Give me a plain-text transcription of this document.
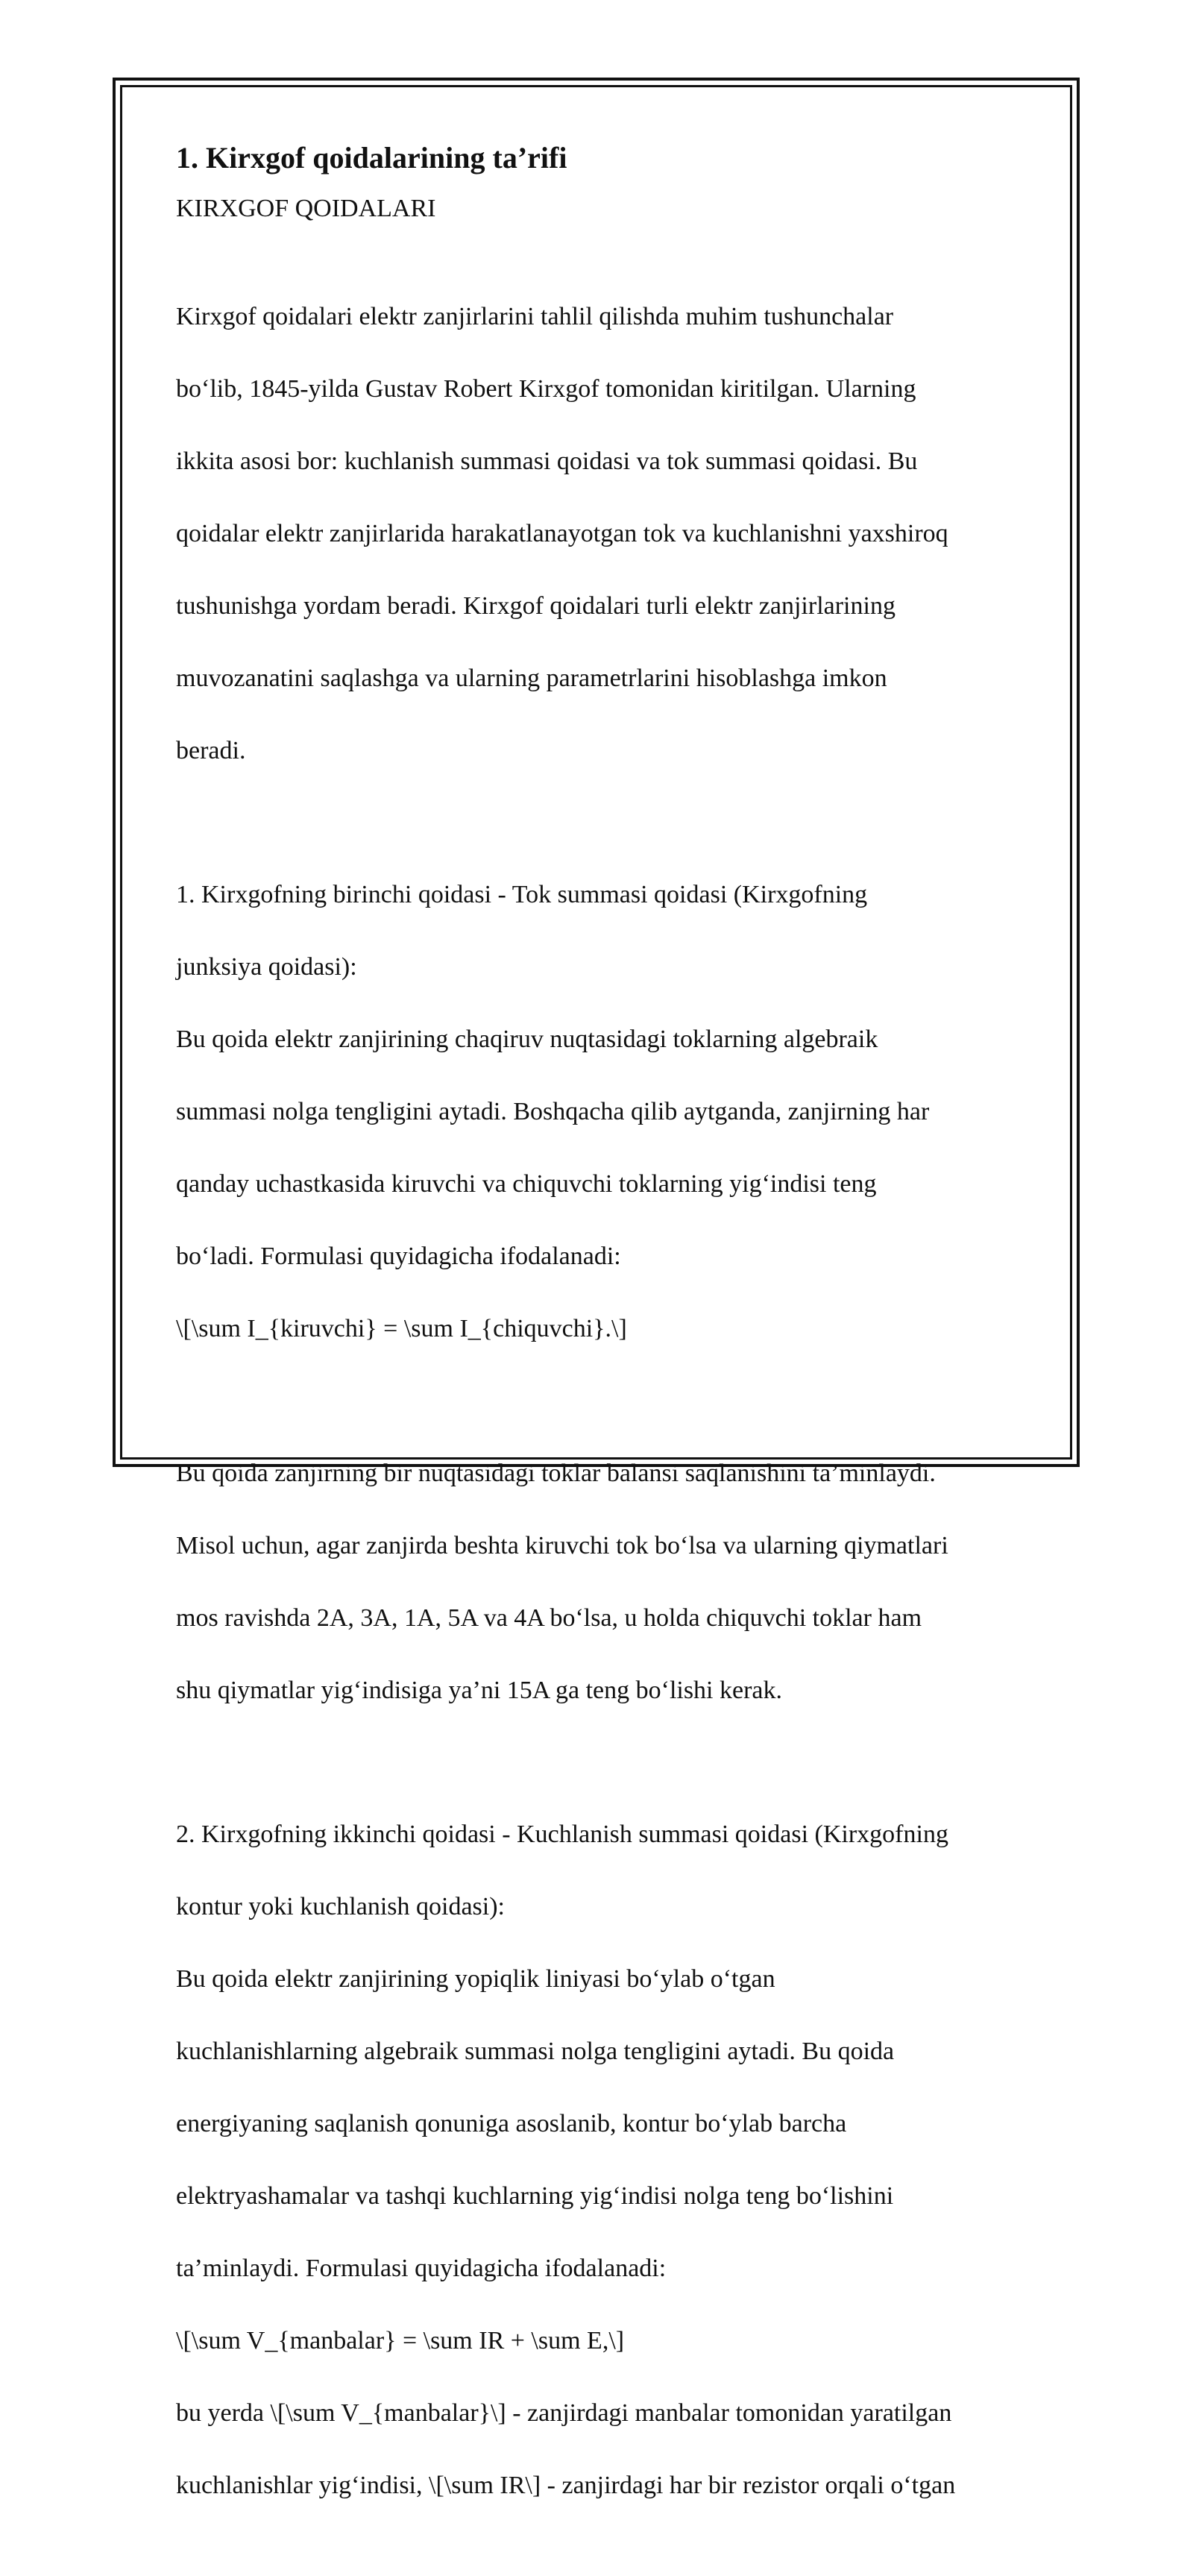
1. Kirxgof qoidalarining ta’rifi
KIRXGOF QOIDALARI

Kirxgof qoidalari elektr zanjirlarini tahlil qilishda muhim tushunchalar

bo‘lib, 1845-yilda Gustav Robert Kirxgof tomonidan kiritilgan. Ularning

ikkita asosi bor: kuchlanish summasi qoidasi va tok summasi qoidasi. Bu

qoidalar elektr zanjirlarida harakatlanayotgan tok va kuchlanishni yaxshiroq

tushunishga yordam beradi. Kirxgof qoidalari turli elektr zanjirlarining

muvozanatini saqlashga va ularning parametrlarini hisoblashga imkon

beradi.

1. Kirxgofning birinchi qoidasi - Tok summasi qoidasi (Kirxgofning

junksiya qoidasi):

Bu qoida elektr zanjirining chaqiruv nuqtasidagi toklarning algebraik

summasi nolga tengligini aytadi. Boshqacha qilib aytganda, zanjirning har

qanday uchastkasida kiruvchi va chiquvchi toklarning yig‘indisi teng

bo‘ladi. Formulasi quyidagicha ifodalanadi:

\[\sum I_{kiruvchi} = \sum I_{chiquvchi}.\]

Bu qoida zanjirning bir nuqtasidagi toklar balansi saqlanishini ta’minlaydi.

Misol uchun, agar zanjirda beshta kiruvchi tok bo‘lsa va ularning qiymatlari

mos ravishda 2A, 3A, 1A, 5A va 4A bo‘lsa, u holda chiquvchi toklar ham

shu qiymatlar yig‘indisiga ya’ni 15A ga teng bo‘lishi kerak.

2. Kirxgofning ikkinchi qoidasi - Kuchlanish summasi qoidasi (Kirxgofning

kontur yoki kuchlanish qoidasi):

Bu qoida elektr zanjirining yopiqlik liniyasi bo‘ylab o‘tgan

kuchlanishlarning algebraik summasi nolga tengligini aytadi. Bu qoida

energiyaning saqlanish qonuniga asoslanib, kontur bo‘ylab barcha

elektryashamalar va tashqi kuchlarning yig‘indisi nolga teng bo‘lishini

ta’minlaydi. Formulasi quyidagicha ifodalanadi:

\[\sum V_{manbalar} = \sum IR + \sum E,\]

bu yerda \[\sum V_{manbalar}\] - zanjirdagi manbalar tomonidan yaratilgan

kuchlanishlar yig‘indisi, \[\sum IR\] - zanjirdagi har bir rezistor orqali o‘tgan
